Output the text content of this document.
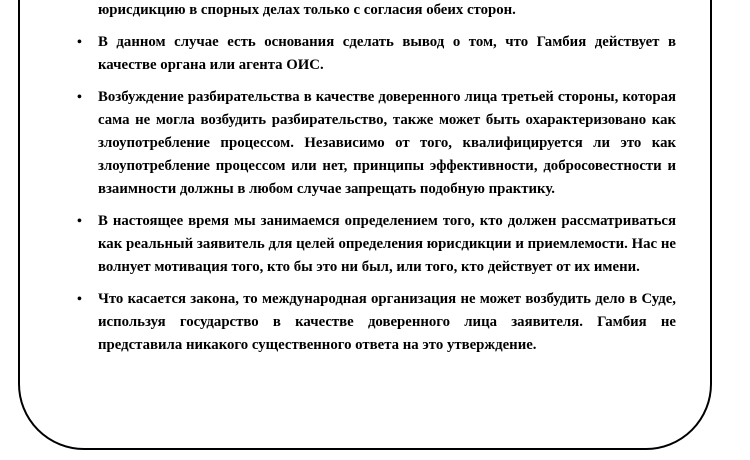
юрисдикцию в спорных делах только с согласия обеих сторон.
• В данном случае есть основания сделать вывод о том, что Гамбия действует в качестве органа или агента ОИС.
• Возбуждение разбирательства в качестве доверенного лица третьей стороны, которая сама не могла возбудить разбирательство, также может быть охарактеризовано как злоупотребление процессом. Независимо от того, квалифицируется ли это как злоупотребление процессом или нет, принципы эффективности, добросовестности и взаимности должны в любом случае запрещать подобную практику.
• В настоящее время мы занимаемся определением того, кто должен рассматриваться как реальный заявитель для целей определения юрисдикции и приемлемости. Нас не волнует мотивация того, кто бы это ни был, или того, кто действует от их имени.
• Что касается закона, то международная организация не может возбудить дело в Суде, используя государство в качестве доверенного лица заявителя. Гамбия не представила никакого существенного ответа на это утверждение.
